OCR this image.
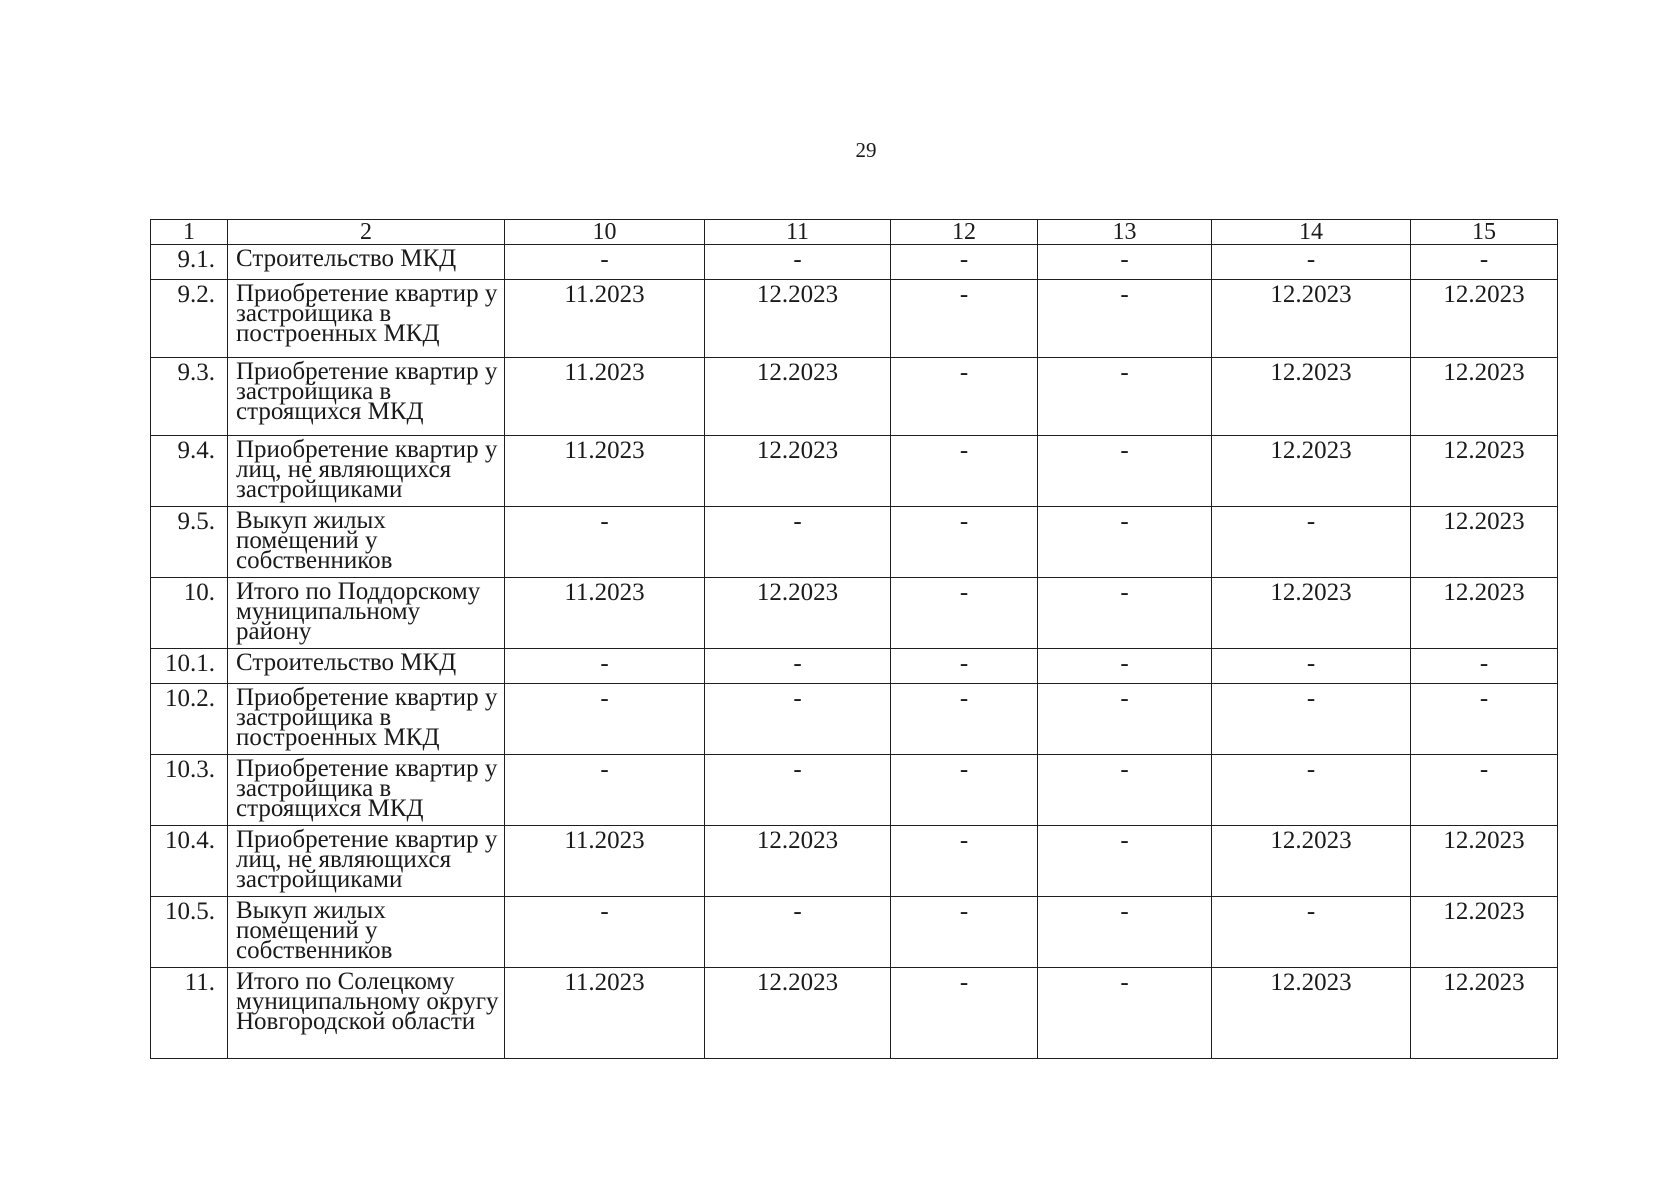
29
1	2	10	11	12	13	14	15
9.1.	Строительство МКД	-	-	-	-	-	-
9.2.	Приобретение квартир у застройщика в построенных МКД	11.2023	12.2023	-	-	12.2023	12.2023
9.3.	Приобретение квартир у застройщика в строящихся МКД	11.2023	12.2023	-	-	12.2023	12.2023
9.4.	Приобретение квартир у лиц, не являющихся застройщиками	11.2023	12.2023	-	-	12.2023	12.2023
9.5.	Выкуп жилых помещений у собственников	-	-	-	-	-	12.2023
10.	Итого по Поддорскому муниципальному району	11.2023	12.2023	-	-	12.2023	12.2023
10.1.	Строительство МКД	-	-	-	-	-	-
10.2.	Приобретение квартир у застройщика в построенных МКД	-	-	-	-	-	-
10.3.	Приобретение квартир у застройщика в строящихся МКД	-	-	-	-	-	-
10.4.	Приобретение квартир у лиц, не являющихся застройщиками	11.2023	12.2023	-	-	12.2023	12.2023
10.5.	Выкуп жилых помещений у собственников	-	-	-	-	-	12.2023
11.	Итого по Солецкому муниципальному округу Новгородской области	11.2023	12.2023	-	-	12.2023	12.2023
